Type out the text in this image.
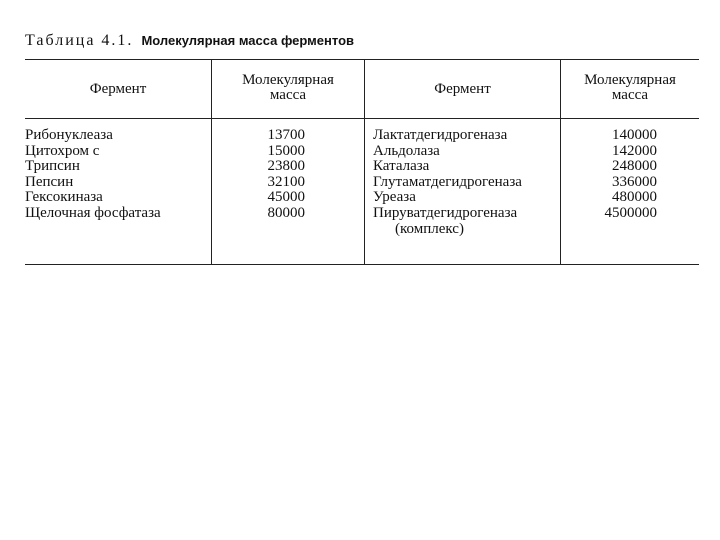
Таблица 4.1. Молекулярная масса ферментов
Фермент
Молекулярная
масса	Фермент
Молекулярная
масса
Рибонуклеаза
Цитохром с
Трипсин
Пепсин
Гексокиназа
Щелочная фосфатаза
13700
15000
23800
32100
45000
80000
Лактатдегидрогеназа
Альдолаза
Каталаза
Глутаматдегидрогеназа
Уреаза
Пируватдегидрогеназа
(комплекс)
140000
142000
248000
336000
480000
4500000
